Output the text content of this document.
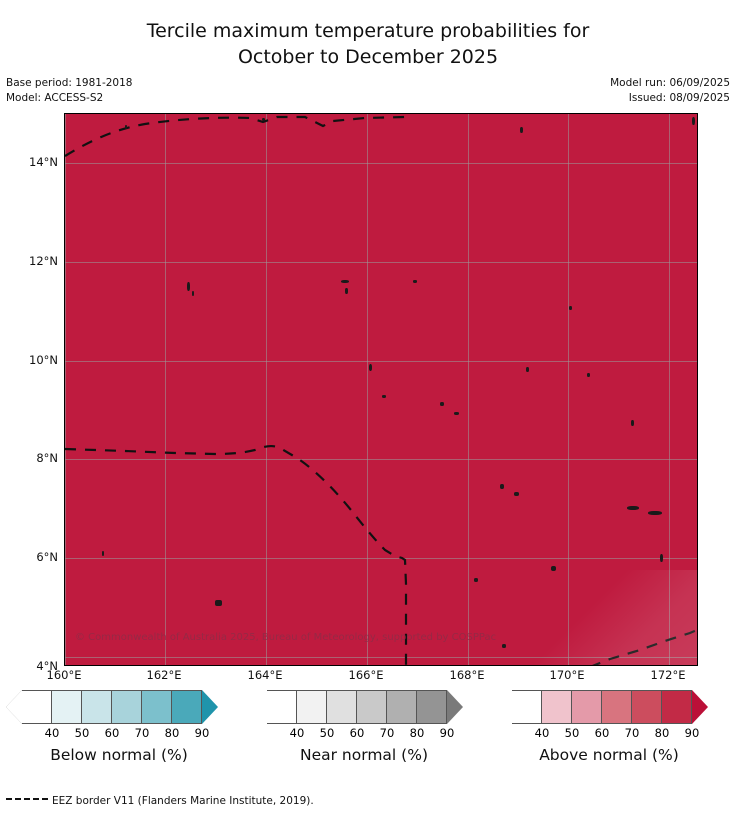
Tercile maximum temperature probabilities for
October to December 2025
Base period: 1981-2018
Model: ACCESS-S2
Model run: 06/09/2025
Issued: 08/09/2025
© Commonwealth of Australia 2025, Bureau of Meteorology, supported by COSPPac
160°E	162°E	164°E	166°E	168°E	170°E	172°E
14°N
12°N
10°N
8°N
6°N
4°N
40 50 60 70 80 90
Below normal (%)
40 50 60 70 80 90
Near normal (%)
40 50 60 70 80 90
Above normal (%)
EEZ border V11 (Flanders Marine Institute, 2019).
